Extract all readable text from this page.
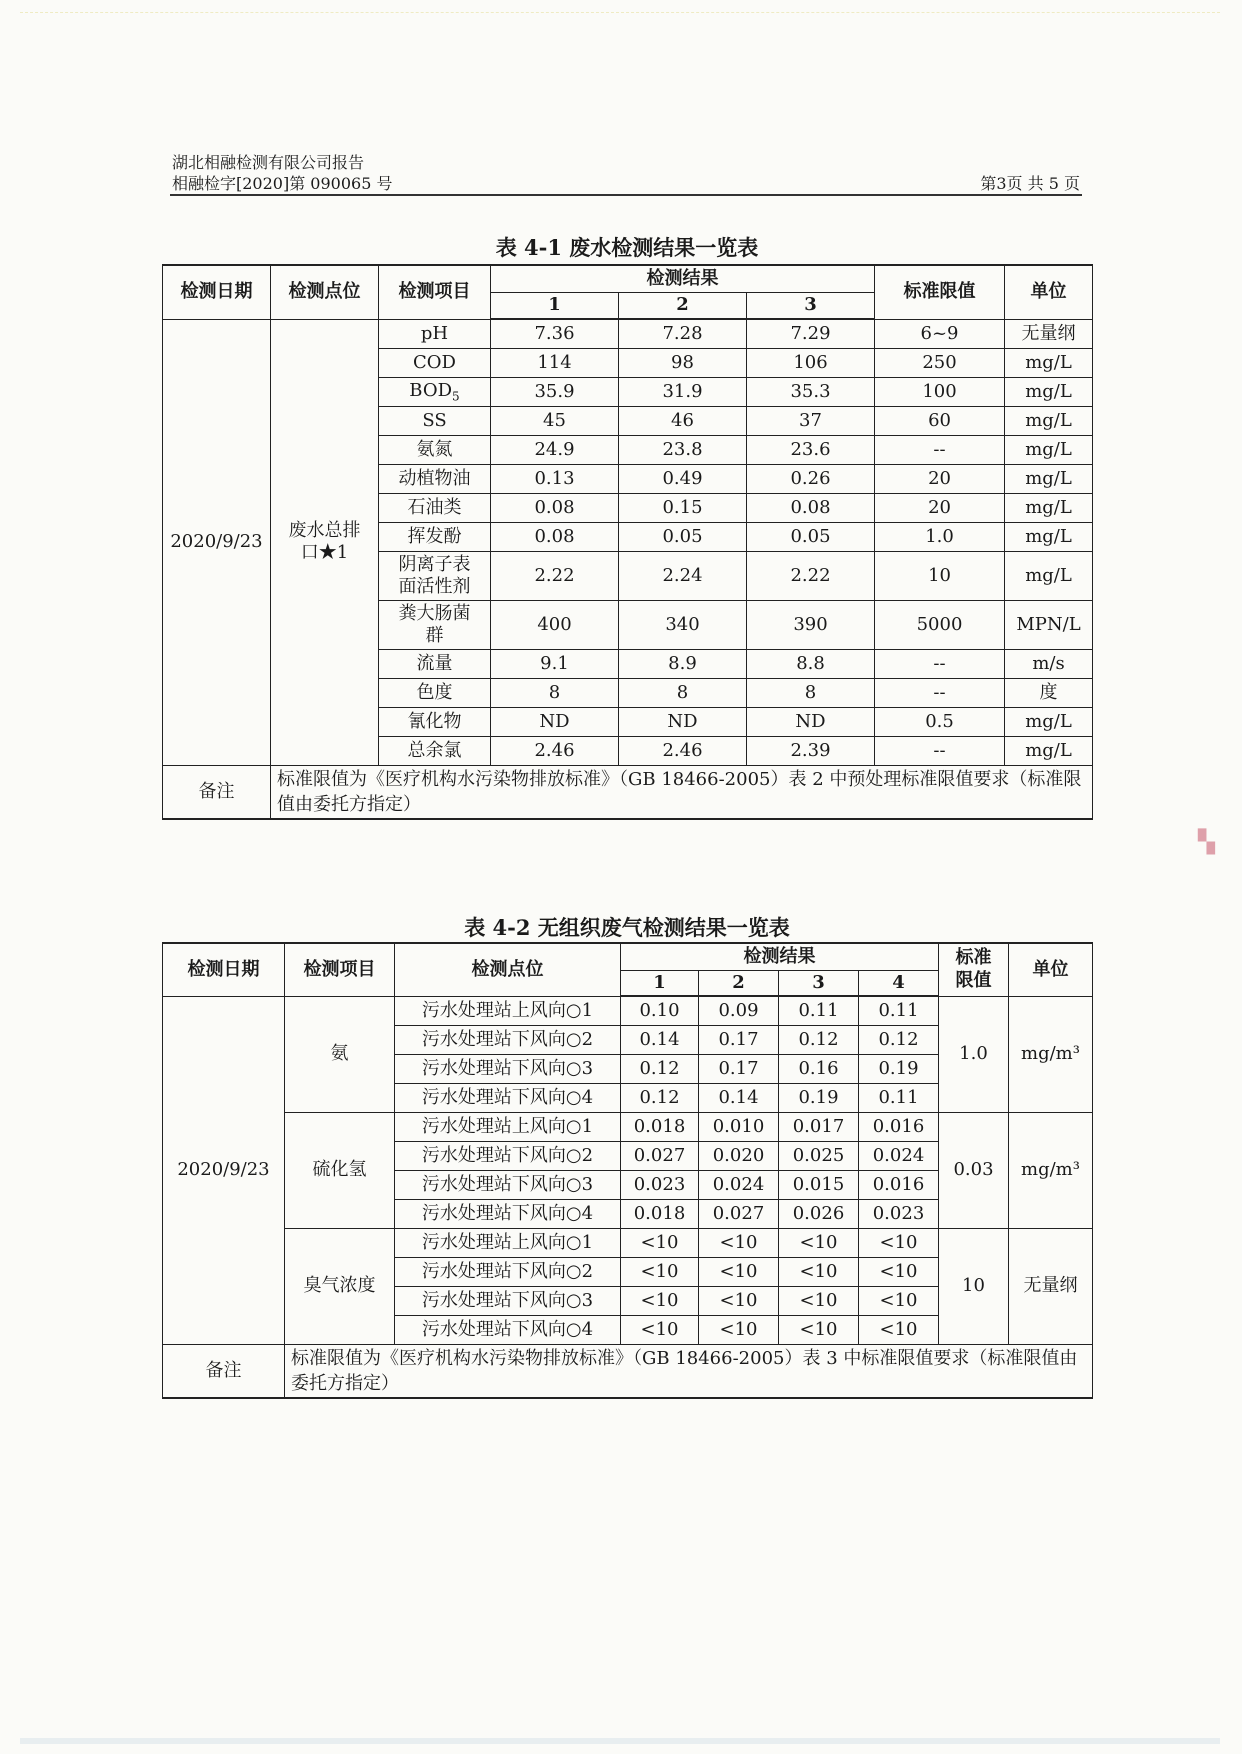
湖北相融检测有限公司报告
相融检字[2020]第 090065 号	第3页 共 5 页
表 4-1 废水检测结果一览表
检测日期	检测点位	检测项目	检测结果			标准限值	单位
			1	2	3		
2020/9/23	废水总排口★1	pH	7.36	7.28	7.29	6~9	无量纲
		COD	114	98	106	250	mg/L
		$BOD_5$	35.9	31.9	35.3	100	mg/L
		SS	45	46	37	60	mg/L
		氨氮	24.9	23.8	23.6	--	mg/L
		动植物油	0.13	0.49	0.26	20	mg/L
		石油类	0.08	0.15	0.08	20	mg/L
		挥发酚	0.08	0.05	0.05	1.0	mg/L
		阴离子表面活性剂	2.22	2.24	2.22	10	mg/L
		粪大肠菌群	400	340	390	5000	MPN/L
		流量	9.1	8.9	8.8	--	m/s
		色度	8	8	8	--	度
		氰化物	ND	ND	ND	0.5	mg/L
		总余氯	2.46	2.46	2.39	--	mg/L
备注	标准限值为《医疗机构水污染物排放标准》（GB 18466-2005）表 2 中预处理标准限值要求（标准限值由委托方指定）						
表 4-2 无组织废气检测结果一览表
检测日期	检测项目	检测点位	检测结果				标准限值	单位
			1	2	3	4		
2020/9/23	氨	污水处理站上风向○1	0.10	0.09	0.11	0.11	1.0	mg/m³
		污水处理站下风向○2	0.14	0.17	0.12	0.12		
		污水处理站下风向○3	0.12	0.17	0.16	0.19		
		污水处理站下风向○4	0.12	0.14	0.19	0.11		
	硫化氢	污水处理站上风向○1	0.018	0.010	0.017	0.016	0.03	mg/m³
		污水处理站下风向○2	0.027	0.020	0.025	0.024		
		污水处理站下风向○3	0.023	0.024	0.015	0.016		
		污水处理站下风向○4	0.018	0.027	0.026	0.023		
	臭气浓度	污水处理站上风向○1	<10	<10	<10	<10	10	无量纲
		污水处理站下风向○2	<10	<10	<10	<10		
		污水处理站下风向○3	<10	<10	<10	<10		
		污水处理站下风向○4	<10	<10	<10	<10		
备注	标准限值为《医疗机构水污染物排放标准》（GB 18466-2005）表 3 中标准限值要求（标准限值由委托方指定）							
▚
